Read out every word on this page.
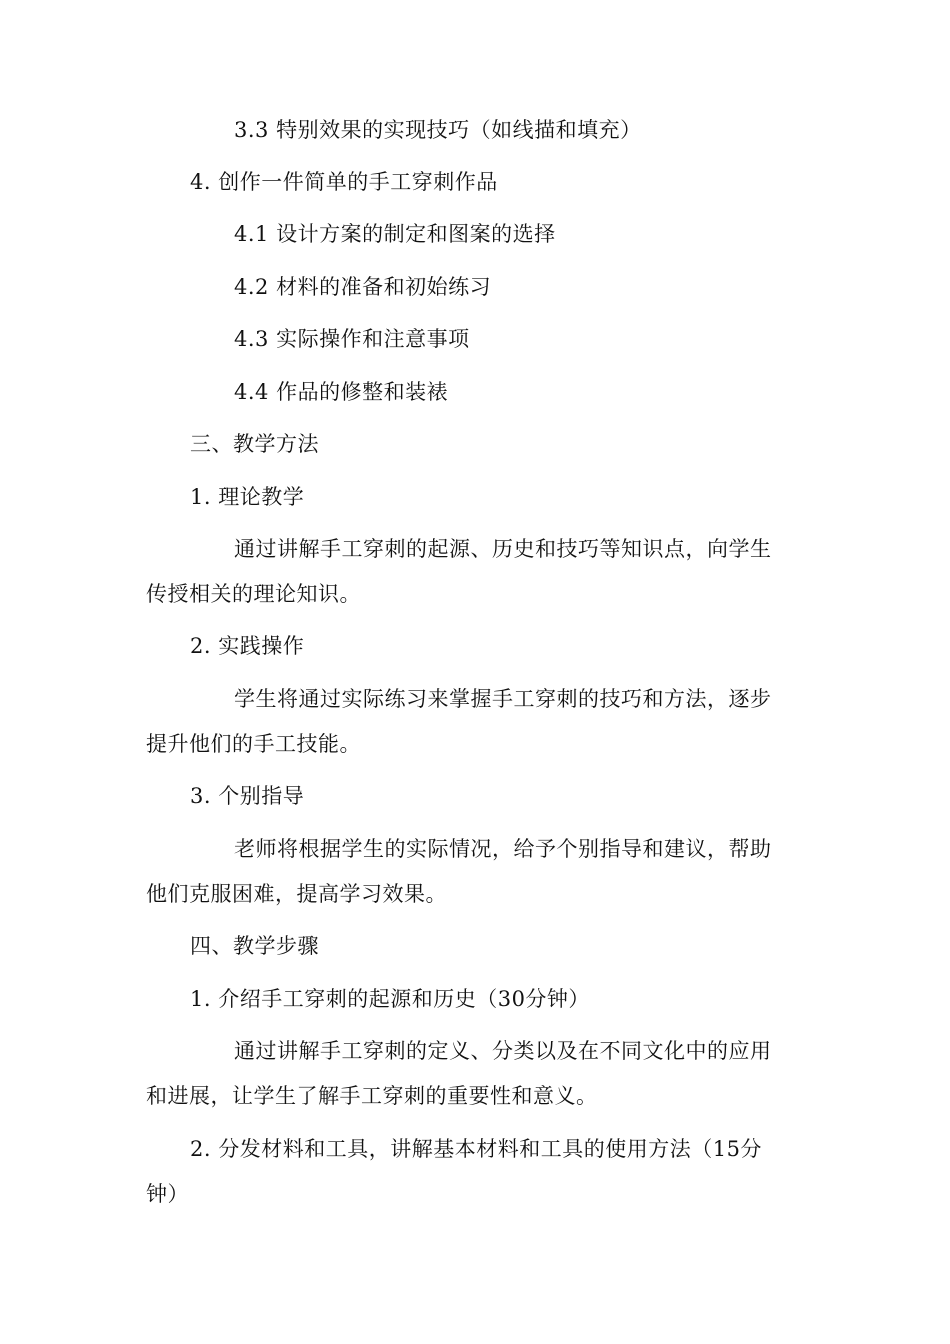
3.3 特别效果的实现技巧（如线描和填充）
4. 创作一件简单的手工穿刺作品
4.1 设计方案的制定和图案的选择
4.2 材料的准备和初始练习
4.3 实际操作和注意事项
4.4 作品的修整和装裱
三、教学方法
1. 理论教学
通过讲解手工穿刺的起源、历史和技巧等知识点，向学生
传授相关的理论知识。
2. 实践操作
学生将通过实际练习来掌握手工穿刺的技巧和方法，逐步
提升他们的手工技能。
3. 个别指导
老师将根据学生的实际情况，给予个别指导和建议，帮助
他们克服困难，提高学习效果。
四、教学步骤
1. 介绍手工穿刺的起源和历史（30分钟）
通过讲解手工穿刺的定义、分类以及在不同文化中的应用
和进展，让学生了解手工穿刺的重要性和意义。
2. 分发材料和工具，讲解基本材料和工具的使用方法（15分
钟）
